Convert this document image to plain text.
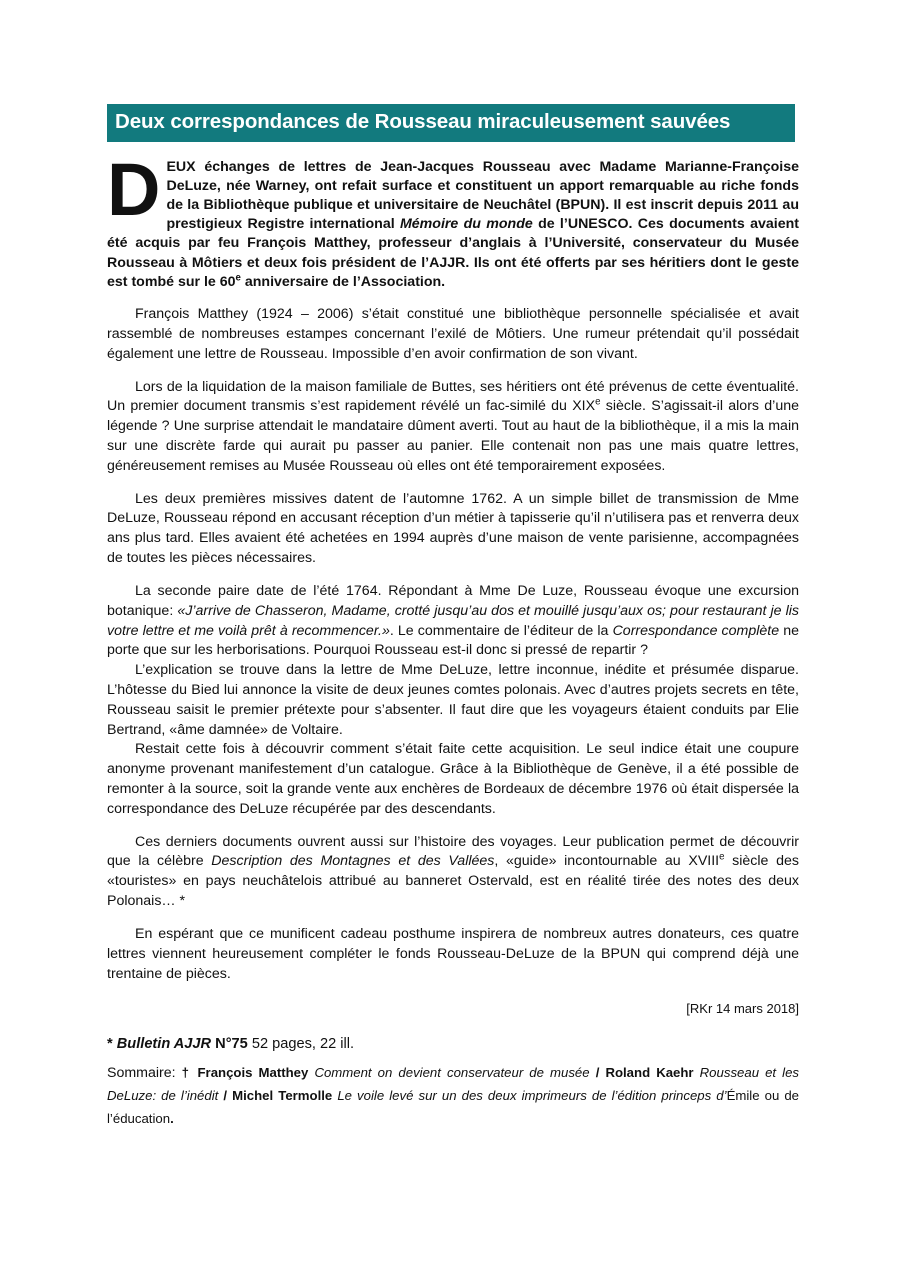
Deux correspondances de Rousseau miraculeusement sauvées
DEUX échanges de lettres de Jean-Jacques Rousseau avec Madame Marianne-Françoise DeLuze, née Warney, ont refait surface et constituent un apport remarquable au riche fonds de la Bibliothèque publique et universitaire de Neuchâtel (BPUN). Il est inscrit depuis 2011 au prestigieux Registre international Mémoire du monde de l’UNESCO. Ces documents avaient été acquis par feu François Matthey, professeur d’anglais à l’Université, conservateur du Musée Rousseau à Môtiers et deux fois président de l’AJJR. Ils ont été offerts par ses héritiers dont le geste est tombé sur le 60e anniversaire de l’Association.

François Matthey (1924 – 2006) s’était constitué une bibliothèque personnelle spécialisée et avait rassemblé de nombreuses estampes concernant l’exilé de Môtiers. Une rumeur prétendait qu’il possédait également une lettre de Rousseau. Impossible d’en avoir confirmation de son vivant.

Lors de la liquidation de la maison familiale de Buttes, ses héritiers ont été prévenus de cette éventualité. Un premier document transmis s’est rapidement révélé un fac-similé du XIXe siècle. S’agissait-il alors d’une légende ? Une surprise attendait le mandataire dûment averti. Tout au haut de la bibliothèque, il a mis la main sur une discrète farde qui aurait pu passer au panier. Elle contenait non pas une mais quatre lettres, généreusement remises au Musée Rousseau où elles ont été temporairement exposées.

Les deux premières missives datent de l’automne 1762. A un simple billet de transmission de Mme DeLuze, Rousseau répond en accusant réception d’un métier à tapisserie qu’il n’utilisera pas et renverra deux ans plus tard. Elles avaient été achetées en 1994 auprès d’une maison de vente parisienne, accompagnées de toutes les pièces nécessaires.

La seconde paire date de l’été 1764. Répondant à Mme De Luze, Rousseau évoque une excursion botanique: «J’arrive de Chasseron, Madame, crotté jusqu’au dos et mouillé jusqu’aux os; pour restaurant je lis votre lettre et me voilà prêt à recommencer.». Le commentaire de l’éditeur de la Correspondance complète ne porte que sur les herborisations. Pourquoi Rousseau est-il donc si pressé de repartir ?

L’explication se trouve dans la lettre de Mme DeLuze, lettre inconnue, inédite et présumée disparue. L’hôtesse du Bied lui annonce la visite de deux jeunes comtes polonais. Avec d’autres projets secrets en tête, Rousseau saisit le premier prétexte pour s’absenter. Il faut dire que les voyageurs étaient conduits par Elie Bertrand, «âme damnée» de Voltaire.

Restait cette fois à découvrir comment s’était faite cette acquisition. Le seul indice était une coupure anonyme provenant manifestement d’un catalogue. Grâce à la Bibliothèque de Genève, il a été possible de remonter à la source, soit la grande vente aux enchères de Bordeaux de décembre 1976 où était dispersée la correspondance des DeLuze récupérée par des descendants.

Ces derniers documents ouvrent aussi sur l’histoire des voyages. Leur publication permet de découvrir que la célèbre Description des Montagnes et des Vallées, «guide» incontournable au XVIIIe siècle des «touristes» en pays neuchâtelois attribué au banneret Ostervald, est en réalité tirée des notes des deux Polonais… *

En espérant que ce munificent cadeau posthume inspirera de nombreux autres donateurs, ces quatre lettres viennent heureusement compléter le fonds Rousseau-DeLuze de la BPUN qui comprend déjà une trentaine de pièces.

[RKr 14 mars 2018]
* Bulletin AJJR N°75 52 pages, 22 ill.
Sommaire: † François Matthey Comment on devient conservateur de musée / Roland Kaehr Rousseau et les DeLuze: de l’inédit / Michel Termolle Le voile levé sur un des deux imprimeurs de l’édition princeps d’Émile ou de l’éducation.
